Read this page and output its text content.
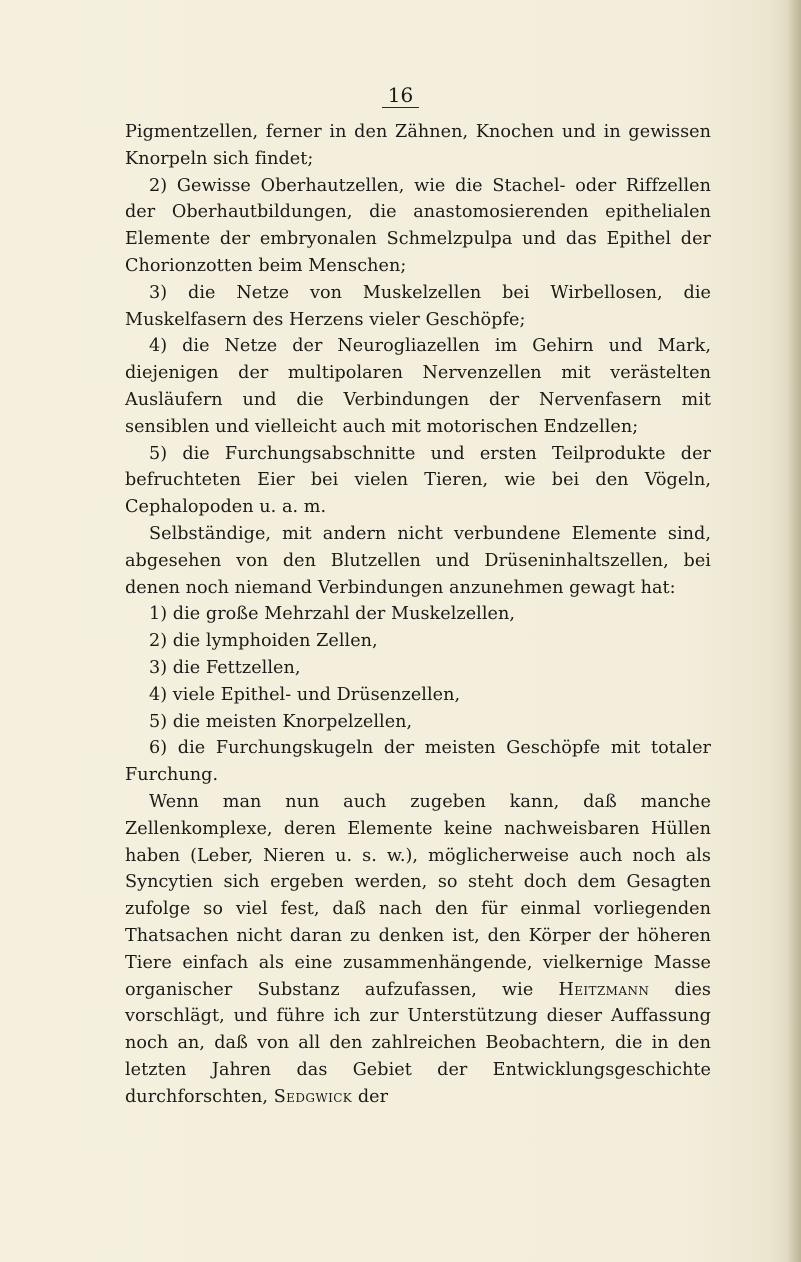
16

Pigmentzellen, ferner in den Zähnen, Knochen und in gewissen Knorpeln sich findet;

2) Gewisse Oberhautzellen, wie die Stachel- oder Riffzellen der Oberhautbildungen, die anastomosierenden epithelialen Elemente der embryonalen Schmelzpulpa und das Epithel der Chorionzotten beim Menschen;

3) die Netze von Muskelzellen bei Wirbellosen, die Muskelfasern des Herzens vieler Geschöpfe;

4) die Netze der Neurogliazellen im Gehirn und Mark, diejenigen der multipolaren Nervenzellen mit verästelten Ausläufern und die Verbindungen der Nervenfasern mit sensiblen und vielleicht auch mit motorischen Endzellen;

5) die Furchungsabschnitte und ersten Teilprodukte der befruchteten Eier bei vielen Tieren, wie bei den Vögeln, Cephalopoden u. a. m.

Selbständige, mit andern nicht verbundene Elemente sind, abgesehen von den Blutzellen und Drüseninhaltszellen, bei denen noch niemand Verbindungen anzunehmen gewagt hat:

1) die große Mehrzahl der Muskelzellen,

2) die lymphoiden Zellen,

3) die Fettzellen,

4) viele Epithel- und Drüsenzellen,

5) die meisten Knorpelzellen,

6) die Furchungskugeln der meisten Geschöpfe mit totaler Furchung.

Wenn man nun auch zugeben kann, daß manche Zellenkomplexe, deren Elemente keine nachweisbaren Hüllen haben (Leber, Nieren u. s. w.), möglicherweise auch noch als Syncytien sich ergeben werden, so steht doch dem Gesagten zufolge so viel fest, daß nach den für einmal vorliegenden Thatsachen nicht daran zu denken ist, den Körper der höheren Tiere einfach als eine zusammenhängende, vielkernige Masse organischer Substanz aufzufassen, wie Heitzmann dies vorschlägt, und führe ich zur Unterstützung dieser Auffassung noch an, daß von all den zahlreichen Beobachtern, die in den letzten Jahren das Gebiet der Entwicklungsgeschichte durchforschten, Sedgwick der
